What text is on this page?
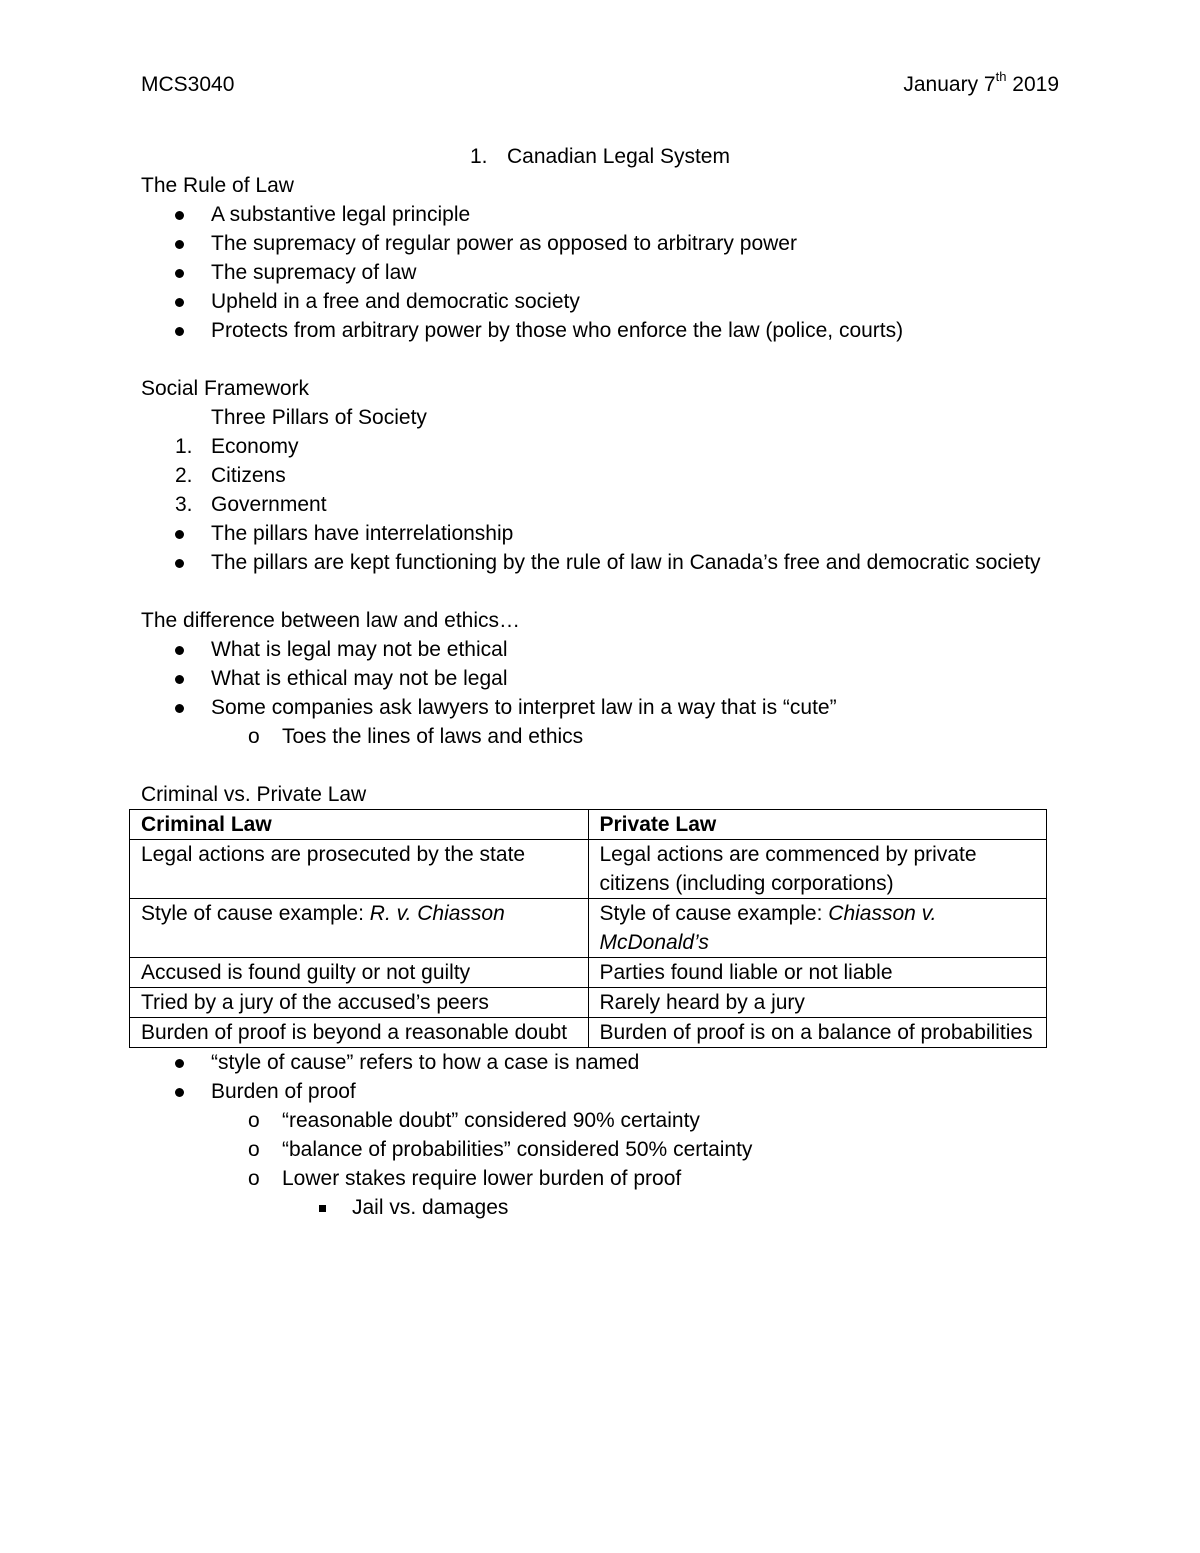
MCS3040	January 7th 2019
1. Canadian Legal System
The Rule of Law
A substantive legal principle
The supremacy of regular power as opposed to arbitrary power
The supremacy of law
Upheld in a free and democratic society
Protects from arbitrary power by those who enforce the law (police, courts)
Social Framework
Three Pillars of Society
1. Economy
2. Citizens
3. Government
The pillars have interrelationship
The pillars are kept functioning by the rule of law in Canada’s free and democratic society
The difference between law and ethics…
What is legal may not be ethical
What is ethical may not be legal
Some companies ask lawyers to interpret law in a way that is “cute”
o Toes the lines of laws and ethics
Criminal vs. Private Law
Criminal Law	Private Law
Legal actions are prosecuted by the state	Legal actions are commenced by private citizens (including corporations)
Style of cause example: R. v. Chiasson	Style of cause example: Chiasson v. McDonald’s
Accused is found guilty or not guilty	Parties found liable or not liable
Tried by a jury of the accused’s peers	Rarely heard by a jury
Burden of proof is beyond a reasonable doubt	Burden of proof is on a balance of probabilities
“style of cause” refers to how a case is named
Burden of proof
o “reasonable doubt” considered 90% certainty
o “balance of probabilities” considered 50% certainty
o Lower stakes require lower burden of proof
Jail vs. damages
